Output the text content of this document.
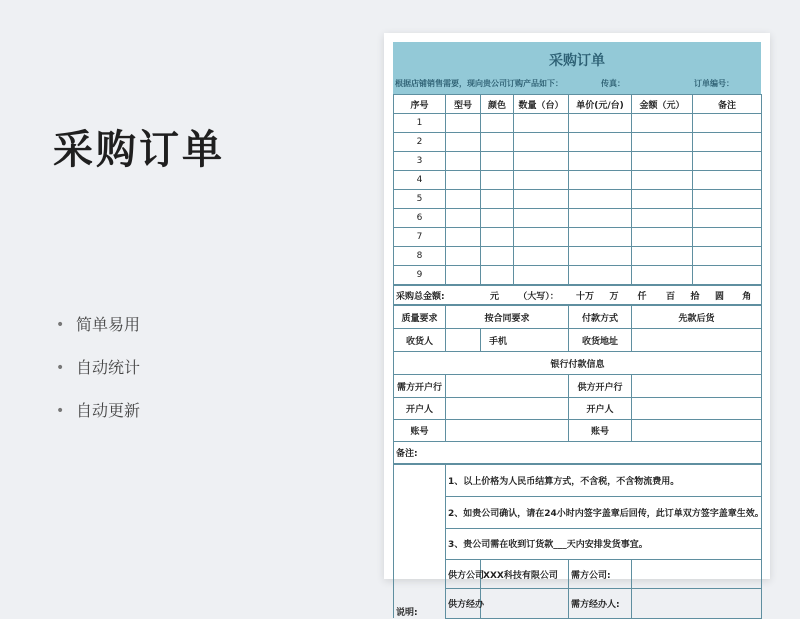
采购订单
• 简单易用
• 自动统计
• 自动更新
采购订单
根据店铺销售需要，现向贵公司订购产品如下：	传真：	订单编号：
序号	型号	颜色	数量（台）	单价(元/台)	金额（元）	备注
1						
2						
3						
4						
5						
6						
7						
8						
9						
采购总金额:	元	（大写）：	十万	万	仟	百	拾	圆	角
质量要求	按合同要求		付款方式	先款后货
收货人		手机	收货地址	
银行付款信息				
需方开户行			供方开户行	
开户人			开户人	
账号			账号	
备注:				
说明:	1、以上价格为人民币结算方式，不含税，不含物流费用。			
	2、如贵公司确认，请在24小时内签字盖章后回传，此订单双方签字盖章生效。			
	3、贵公司需在收到订货款___天内安排发货事宜。			
	供方公司	XXX科技有限公司	需方公司:	
	供方经办		需方经办人:	
